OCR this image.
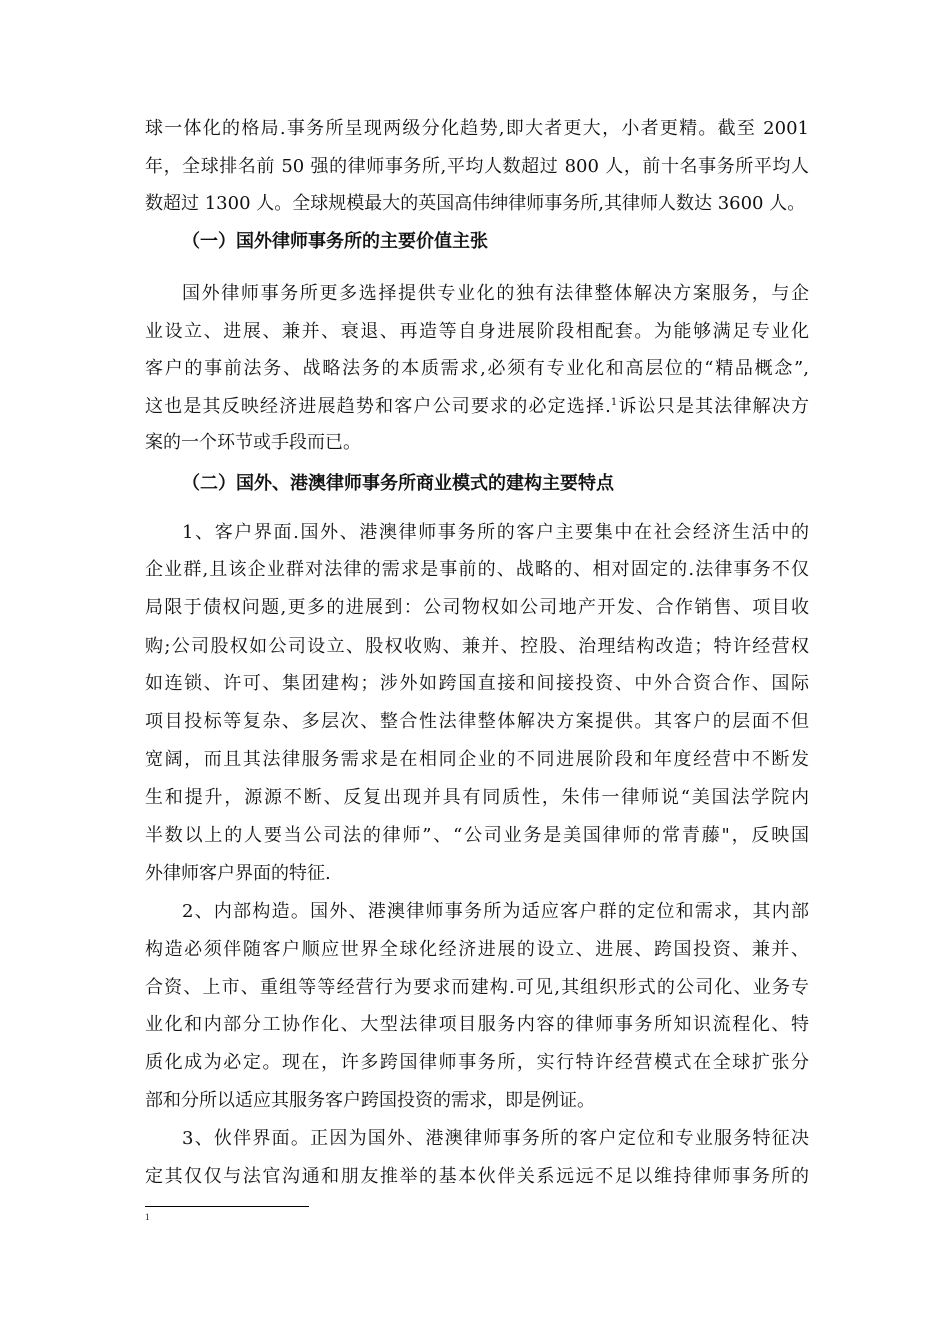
球一体化的格局.事务所呈现两级分化趋势,即大者更大，小者更精。截至 2001
年，全球排名前 50 强的律师事务所,平均人数超过 800 人，前十名事务所平均人
数超过 1300 人。全球规模最大的英国高伟绅律师事务所,其律师人数达 3600 人。
（一）国外律师事务所的主要价值主张
国外律师事务所更多选择提供专业化的独有法律整体解决方案服务，与企
业设立、进展、兼并、衰退、再造等自身进展阶段相配套。为能够满足专业化
客户的事前法务、战略法务的本质需求,必须有专业化和高层位的“精品概念”,
这也是其反映经济进展趋势和客户公司要求的必定选择.$^1$诉讼只是其法律解决方
案的一个环节或手段而已。
（二）国外、港澳律师事务所商业模式的建构主要特点
1、客户界面.国外、港澳律师事务所的客户主要集中在社会经济生活中的
企业群,且该企业群对法律的需求是事前的、战略的、相对固定的.法律事务不仅
局限于债权问题,更多的进展到：公司物权如公司地产开发、合作销售、项目收
购;公司股权如公司设立、股权收购、兼并、控股、治理结构改造；特许经营权
如连锁、许可、集团建构；涉外如跨国直接和间接投资、中外合资合作、国际
项目投标等复杂、多层次、整合性法律整体解决方案提供。其客户的层面不但
宽阔，而且其法律服务需求是在相同企业的不同进展阶段和年度经营中不断发
生和提升，源源不断、反复出现并具有同质性，朱伟一律师说“美国法学院内
半数以上的人要当公司法的律师”、“公司业务是美国律师的常青藤"，反映国
外律师客户界面的特征.
2、内部构造。国外、港澳律师事务所为适应客户群的定位和需求，其内部
构造必须伴随客户顺应世界全球化经济进展的设立、进展、跨国投资、兼并、
合资、上市、重组等等经营行为要求而建构.可见,其组织形式的公司化、业务专
业化和内部分工协作化、大型法律项目服务内容的律师事务所知识流程化、特
质化成为必定。现在，许多跨国律师事务所，实行特许经营模式在全球扩张分
部和分所以适应其服务客户跨国投资的需求，即是例证。
3、伙伴界面。正因为国外、港澳律师事务所的客户定位和专业服务特征决
定其仅仅与法官沟通和朋友推举的基本伙伴关系远远不足以维持律师事务所的
1
